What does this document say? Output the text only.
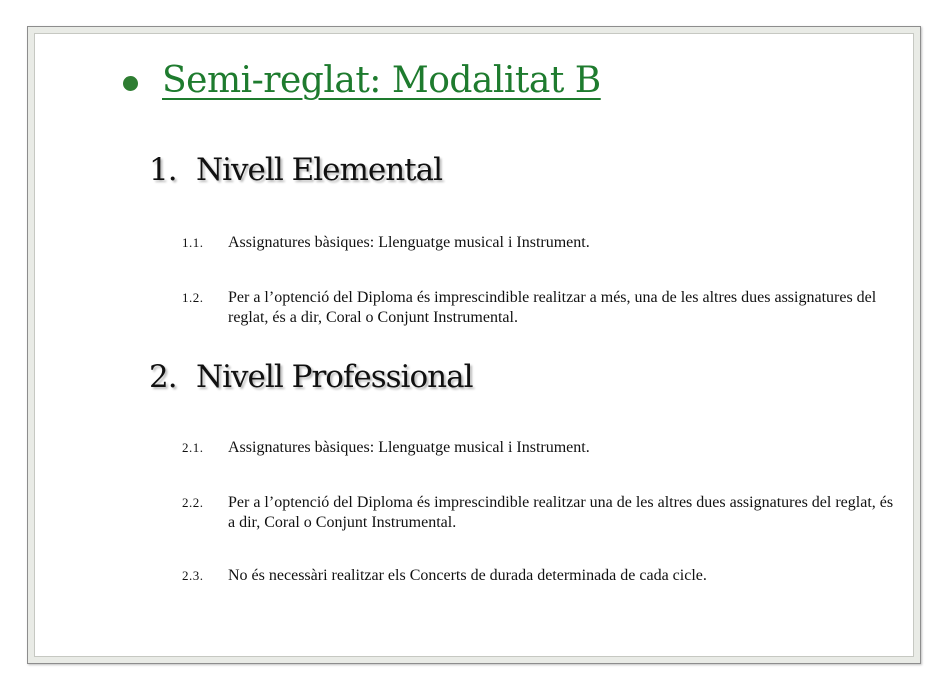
Semi-reglat: Modalitat B
1. Nivell Elemental
1.1.	Assignatures bàsiques: Llenguatge musical i Instrument.
1.2.	Per a l’optenció del Diploma és imprescindible realitzar a més, una de les altres dues assignatures del reglat, és a dir, Coral o Conjunt Instrumental.
2. Nivell Professional
2.1.	Assignatures bàsiques: Llenguatge musical i Instrument.
2.2.	Per a l’optenció del Diploma és imprescindible realitzar una de les altres dues assignatures del reglat, és a dir, Coral o Conjunt Instrumental.
2.3.	No és necessàri realitzar els Concerts de durada determinada de cada cicle.
